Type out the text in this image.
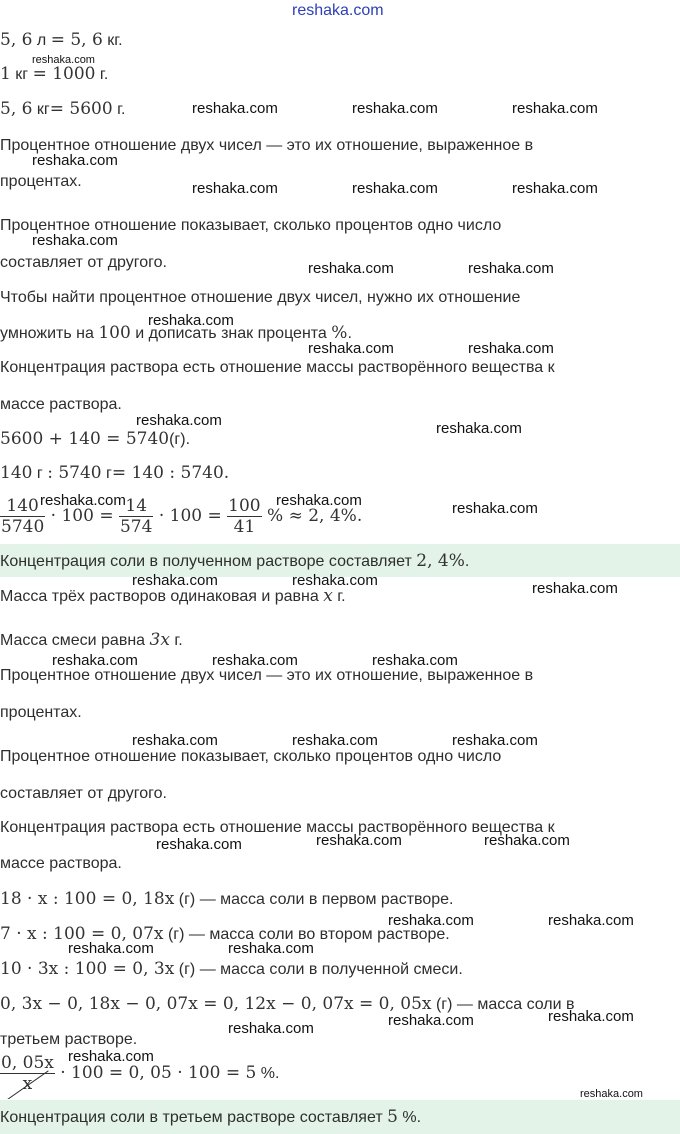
reshaka.com
5, 6 л = 5, 6 кг.
reshaka.com
1 кг = 1000 г.
5, 6 кг= 5600 г.	reshaka.com	reshaka.com	reshaka.com
Процентное отношение двух чисел — это их отношение, выраженное в
reshaka.com
процентах.	reshaka.com	reshaka.com	reshaka.com
Процентное отношение показывает, сколько процентов одно число
reshaka.com
составляет от другого.	reshaka.com	reshaka.com
Чтобы найти процентное отношение двух чисел, нужно их отношение
умножить на 100 и дописать знак процента %.
reshaka.com
reshaka.com	reshaka.com
Концентрация раствора есть отношение массы растворённого вещества к
массе раствора.
reshaka.com
5600 + 140 = 5740(г).
reshaka.com
140 г : 5740 г= 140 : 5740.
$\frac{140}{5740} \cdot 100 = \frac{14}{574} \cdot 100 = \frac{100}{41}$ % ≈ 2, 4%.
reshaka.com	reshaka.com	reshaka.com
Концентрация соли в полученном растворе составляет 2, 4%.
reshaka.com	reshaka.com
Масса трёх растворов одинаковая и равна x г.	reshaka.com
Масса смеси равна 3x г.
reshaka.com	reshaka.com	reshaka.com
Процентное отношение двух чисел — это их отношение, выраженное в
процентах.
reshaka.com	reshaka.com	reshaka.com
Процентное отношение показывает, сколько процентов одно число
составляет от другого.
Концентрация раствора есть отношение массы растворённого вещества к
reshaka.com	reshaka.com	reshaka.com
массе раствора.
18 · x : 100 = 0, 18x (г) — масса соли в первом растворе.
7 · x : 100 = 0, 07x (г) — масса соли во втором растворе.
reshaka.com	reshaka.com
reshaka.com	reshaka.com
10 · 3x : 100 = 0, 3x (г) — масса соли в полученной смеси.
0, 3x − 0, 18x − 0, 07x = 0, 12x − 0, 07x = 0, 05x (г) — масса соли в
третьем растворе.
reshaka.com	reshaka.com	reshaka.com
$\frac{0, 05x}{x} \cdot 100 = 0$, 05 · 100 = 5 %.
reshaka.com
reshaka.com
Концентрация соли в третьем растворе составляет 5 %.
